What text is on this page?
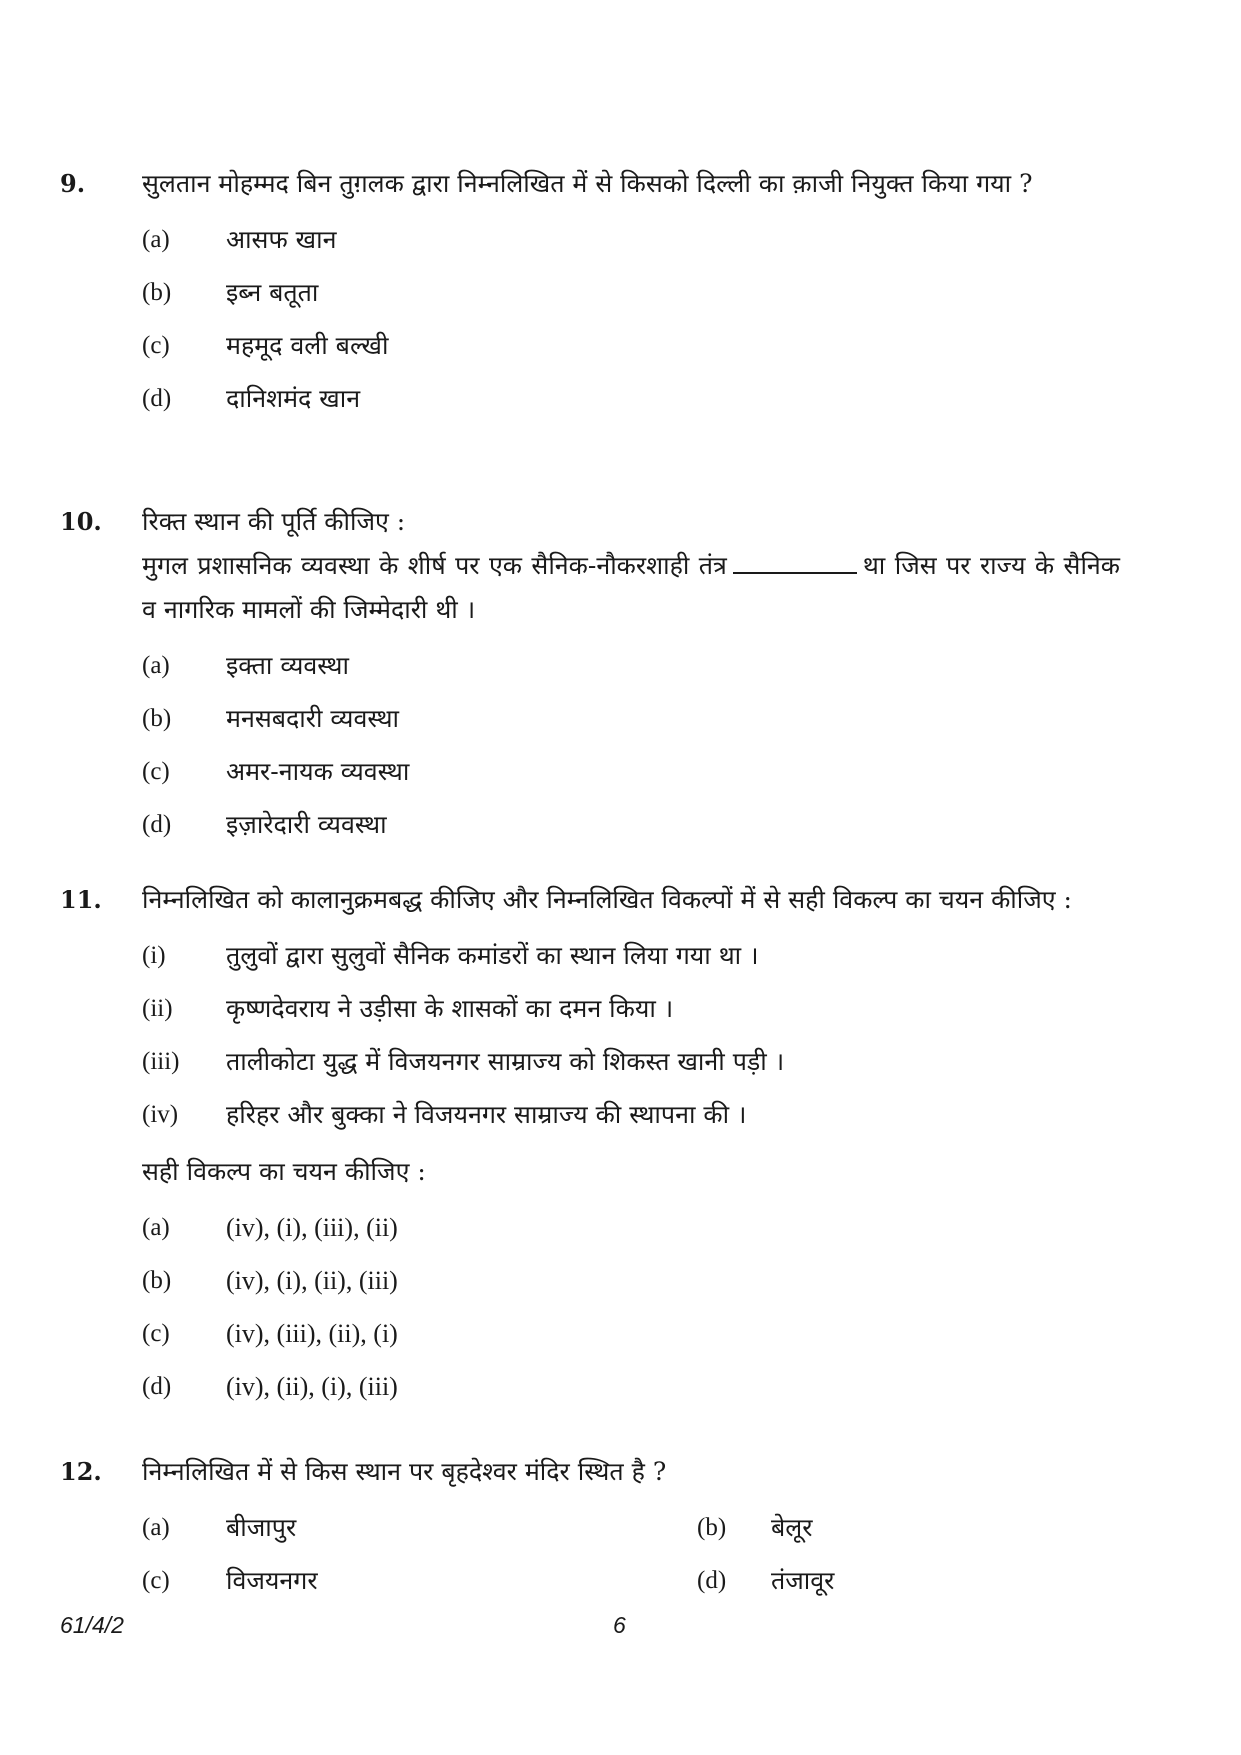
9. सुलतान मोहम्मद बिन तुग़लक द्वारा निम्नलिखित में से किसको दिल्ली का क़ाजी नियुक्त किया गया ?
(a) आसफ खान
(b) इब्न बतूता
(c) महमूद वली बल्खी
(d) दानिशमंद खान
10. रिक्त स्थान की पूर्ति कीजिए :

मुगल प्रशासनिक व्यवस्था के शीर्ष पर एक सैनिक-नौकरशाही तंत्र	था जिस पर राज्य के सैनिक व नागरिक मामलों की जिम्मेदारी थी ।

(a) इक्ता व्यवस्था
(b) मनसबदारी व्यवस्था
(c) अमर-नायक व्यवस्था
(d) इज़ारेदारी व्यवस्था
11. निम्नलिखित को कालानुक्रमबद्ध कीजिए और निम्नलिखित विकल्पों में से सही विकल्प का चयन कीजिए :
(i) तुलुवों द्वारा सुलुवों सैनिक कमांडरों का स्थान लिया गया था ।
(ii) कृष्णदेवराय ने उड़ीसा के शासकों का दमन किया ।
(iii) तालीकोटा युद्ध में विजयनगर साम्राज्य को शिकस्त खानी पड़ी ।
(iv) हरिहर और बुक्का ने विजयनगर साम्राज्य की स्थापना की ।
सही विकल्प का चयन कीजिए :
(a) (iv), (i), (iii), (ii)
(b) (iv), (i), (ii), (iii)
(c) (iv), (iii), (ii), (i)
(d) (iv), (ii), (i), (iii)
12. निम्नलिखित में से किस स्थान पर बृहदेश्वर मंदिर स्थित है ?
(a) बीजापुर	(b) बेलूर
(c) विजयनगर	(d) तंजावूर
61/4/2	6
